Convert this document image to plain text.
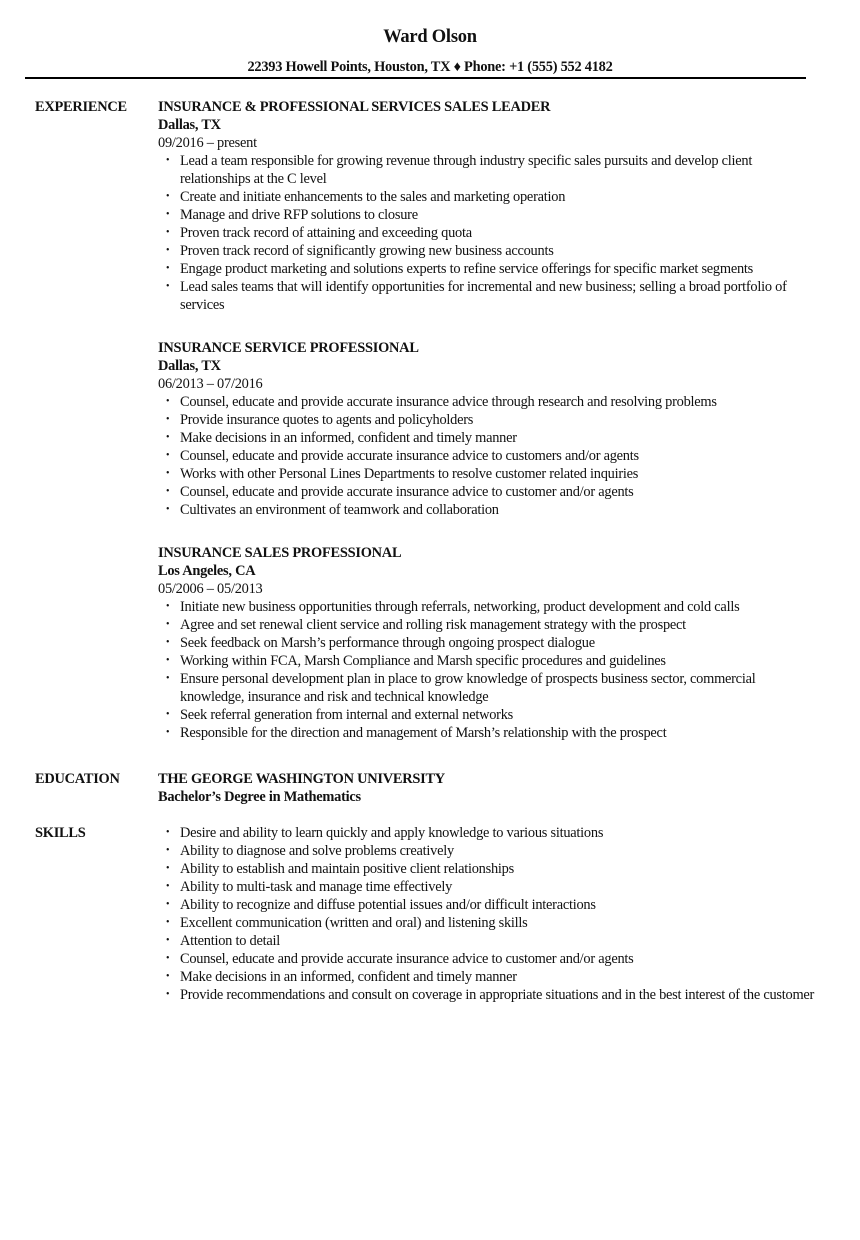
Ward Olson
22393 Howell Points, Houston, TX ♦ Phone: +1 (555) 552 4182
EXPERIENCE INSURANCE & PROFESSIONAL SERVICES SALES LEADER
Dallas, TX
09/2016 – present
• Lead a team responsible for growing revenue through industry specific sales pursuits and develop client relationships at the C level
• Create and initiate enhancements to the sales and marketing operation
• Manage and drive RFP solutions to closure
• Proven track record of attaining and exceeding quota
• Proven track record of significantly growing new business accounts
• Engage product marketing and solutions experts to refine service offerings for specific market segments
• Lead sales teams that will identify opportunities for incremental and new business; selling a broad portfolio of services
INSURANCE SERVICE PROFESSIONAL
Dallas, TX
06/2013 – 07/2016
• Counsel, educate and provide accurate insurance advice through research and resolving problems
• Provide insurance quotes to agents and policyholders
• Make decisions in an informed, confident and timely manner
• Counsel, educate and provide accurate insurance advice to customers and/or agents
• Works with other Personal Lines Departments to resolve customer related inquiries
• Counsel, educate and provide accurate insurance advice to customer and/or agents
• Cultivates an environment of teamwork and collaboration
INSURANCE SALES PROFESSIONAL
Los Angeles, CA
05/2006 – 05/2013
• Initiate new business opportunities through referrals, networking, product development and cold calls
• Agree and set renewal client service and rolling risk management strategy with the prospect
• Seek feedback on Marsh’s performance through ongoing prospect dialogue
• Working within FCA, Marsh Compliance and Marsh specific procedures and guidelines
• Ensure personal development plan in place to grow knowledge of prospects business sector, commercial knowledge, insurance and risk and technical knowledge
• Seek referral generation from internal and external networks
• Responsible for the direction and management of Marsh’s relationship with the prospect
EDUCATION	THE GEORGE WASHINGTON UNIVERSITY
Bachelor’s Degree in Mathematics
SKILLS	• Desire and ability to learn quickly and apply knowledge to various situations
• Ability to diagnose and solve problems creatively
• Ability to establish and maintain positive client relationships
• Ability to multi-task and manage time effectively
• Ability to recognize and diffuse potential issues and/or difficult interactions
• Excellent communication (written and oral) and listening skills
• Attention to detail
• Counsel, educate and provide accurate insurance advice to customer and/or agents
• Make decisions in an informed, confident and timely manner
• Provide recommendations and consult on coverage in appropriate situations and in the best interest of the customer
